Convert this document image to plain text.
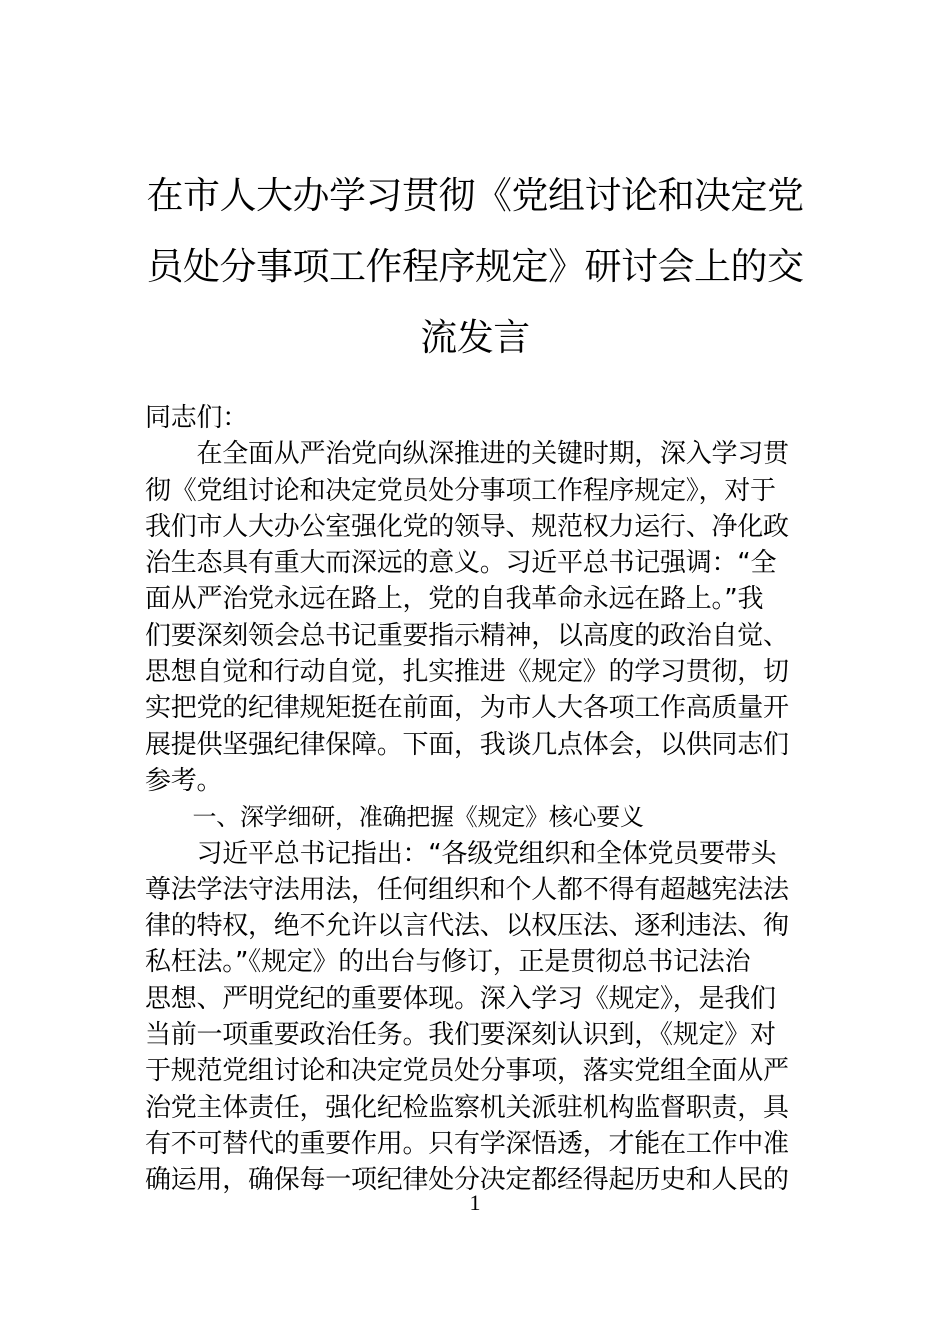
在市人大办学习贯彻《党组讨论和决定党
员处分事项工作程序规定》研讨会上的交
流发言
同志们：
　　在全面从严治党向纵深推进的关键时期，深入学习贯
彻《党组讨论和决定党员处分事项工作程序规定》，对于
我们市人大办公室强化党的领导、规范权力运行、净化政
治生态具有重大而深远的意义。习近平总书记强调：“全
面从严治党永远在路上，党的自我革命永远在路上。”我
们要深刻领会总书记重要指示精神，以高度的政治自觉、
思想自觉和行动自觉，扎实推进《规定》的学习贯彻，切
实把党的纪律规矩挺在前面，为市人大各项工作高质量开
展提供坚强纪律保障。下面，我谈几点体会，以供同志们
参考。
　　一、深学细研，准确把握《规定》核心要义
　　习近平总书记指出：“各级党组织和全体党员要带头
尊法学法守法用法，任何组织和个人都不得有超越宪法法
律的特权，绝不允许以言代法、以权压法、逐利违法、徇
私枉法。”《规定》的出台与修订，正是贯彻总书记法治
思想、严明党纪的重要体现。深入学习《规定》，是我们
当前一项重要政治任务。我们要深刻认识到，《规定》对
于规范党组讨论和决定党员处分事项，落实党组全面从严
治党主体责任，强化纪检监察机关派驻机构监督职责，具
有不可替代的重要作用。只有学深悟透，才能在工作中准
确运用，确保每一项纪律处分决定都经得起历史和人民的
1
